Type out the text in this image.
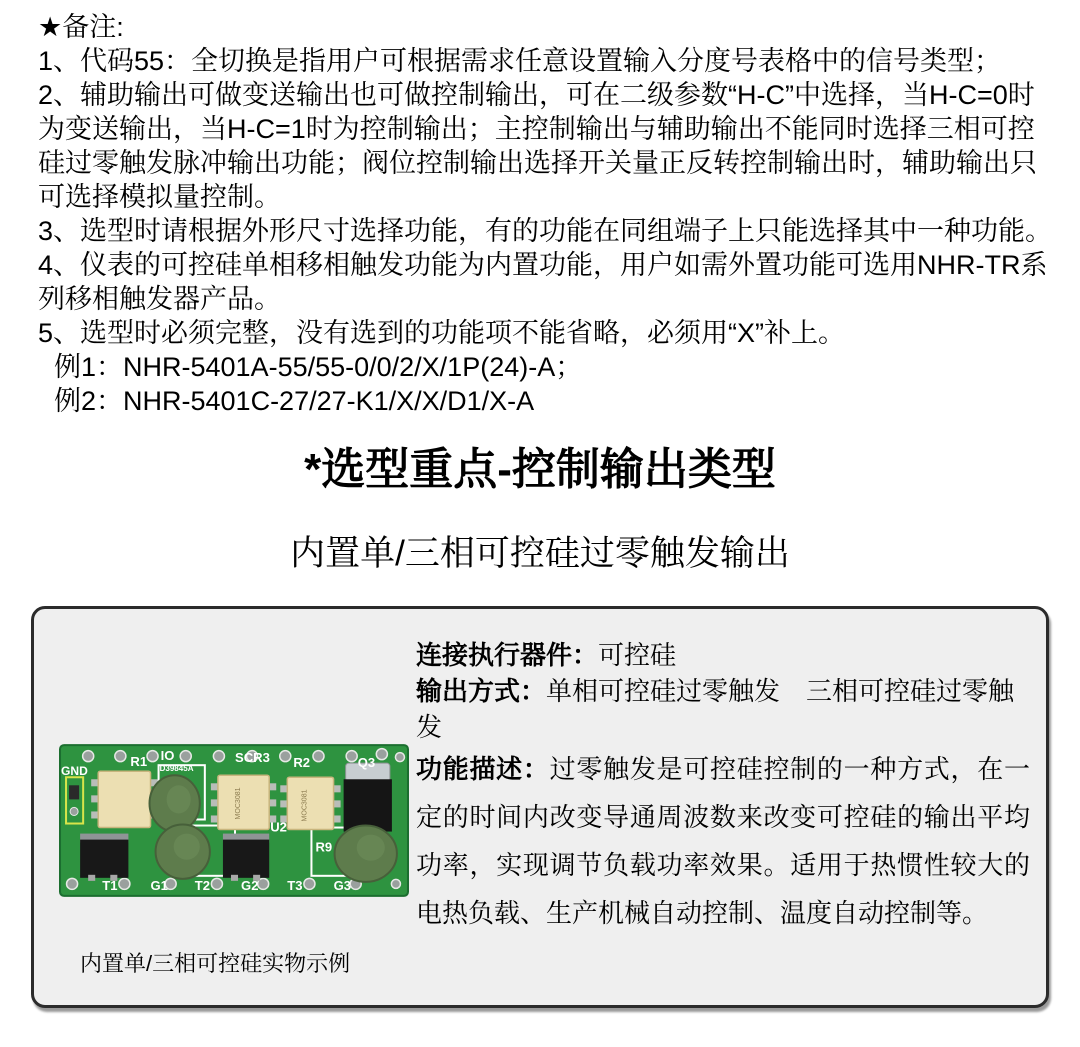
★备注:

1、代码55：全切换是指用户可根据需求任意设置输入分度号表格中的信号类型；

2、辅助输出可做变送输出也可做控制输出，可在二级参数“H-C”中选择，当H-C=0时为变送输出，当H-C=1时为控制输出；主控制输出与辅助输出不能同时选择三相可控硅过零触发脉冲输出功能；阀位控制输出选择开关量正反转控制输出时，辅助输出只可选择模拟量控制。

3、选型时请根据外形尺寸选择功能，有的功能在同组端子上只能选择其中一种功能。

4、仪表的可控硅单相移相触发功能为内置功能，用户如需外置功能可选用NHR-TR系列移相触发器产品。

5、选型时必须完整，没有选到的功能项不能省略，必须用“X”补上。

例1：NHR-5401A-55/55-0/0/2/X/1P(24)-A；

例2：NHR-5401C-27/27-K1/X/X/D1/X-A

*选型重点-控制输出类型
内置单/三相可控硅过零触发输出
MOC3081	MOC3081
GND
R1 IO
D39845A
SCR3 R2	Q3
U2
R9
T1	G1 T2 G2 T3 G3
内置单/三相可控硅实物示例

连接执行器件：可控硅

输出方式：单相可控硅过零触发　三相可控硅过零触发

功能描述：过零触发是可控硅控制的一种方式，在一定的时间内改变导通周波数来改变可控硅的输出平均功率，实现调节负载功率效果。适用于热惯性较大的电热负载、生产机械自动控制、温度自动控制等。
